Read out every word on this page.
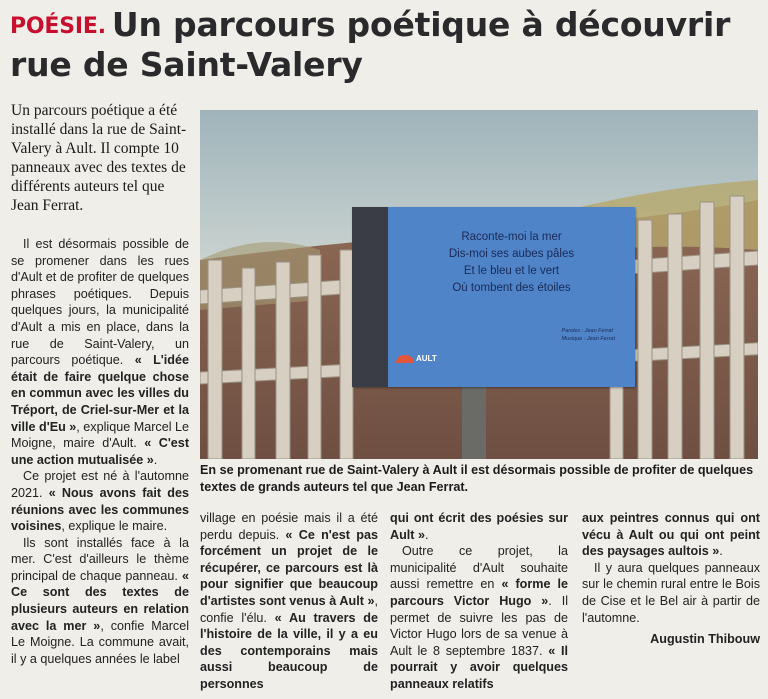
POÉSIE. Un parcours poétique à découvrir rue de Saint-Valery

Un parcours poétique a été installé dans la rue de Saint-Valery à Ault. Il compte 10 panneaux avec des textes de différents auteurs tel que Jean Ferrat.

Raconte-moi la mer
Dis-moi ses aubes pâles
Et le bleu et le vert
Où tombent des étoiles
Paroles : Jean Ferrat
Musique : Jean Ferrat
AULT

En se promenant rue de Saint-Valery à Ault il est désormais possible de profiter de quelques textes de grands auteurs tel que Jean Ferrat.

Il est désormais possible de se promener dans les rues d'Ault et de profiter de quelques phrases poétiques. Depuis quelques jours, la municipalité d'Ault a mis en place, dans la rue de Saint-Valery, un parcours poétique. « L'idée était de faire quelque chose en commun avec les villes du Tréport, de Criel-sur-Mer et la ville d'Eu », explique Marcel Le Moigne, maire d'Ault. « C'est une action mutualisée ».

Ce projet est né à l'automne 2021. « Nous avons fait des réunions avec les communes voisines, explique le maire.

Ils sont installés face à la mer. C'est d'ailleurs le thème principal de chaque panneau. « Ce sont des textes de plusieurs auteurs en relation avec la mer », confie Marcel Le Moigne. La commune avait, il y a quelques années le label

village en poésie mais il a été perdu depuis. « Ce n'est pas forcément un projet de le récupérer, ce parcours est là pour signifier que beaucoup d'artistes sont venus à Ault », confie l'élu. « Au travers de l'histoire de la ville, il y a eu des contemporains mais aussi beaucoup de personnes

qui ont écrit des poésies sur Ault ».

Outre ce projet, la municipalité d'Ault souhaite aussi remettre en « forme le parcours Victor Hugo ». Il permet de suivre les pas de Victor Hugo lors de sa venue à Ault le 8 septembre 1837. « Il pourrait y avoir quelques panneaux relatifs

aux peintres connus qui ont vécu à Ault ou qui ont peint des paysages aultois ».

Il y aura quelques panneaux sur le chemin rural entre le Bois de Cise et le Bel air à partir de l'automne.

Augustin Thibouw
